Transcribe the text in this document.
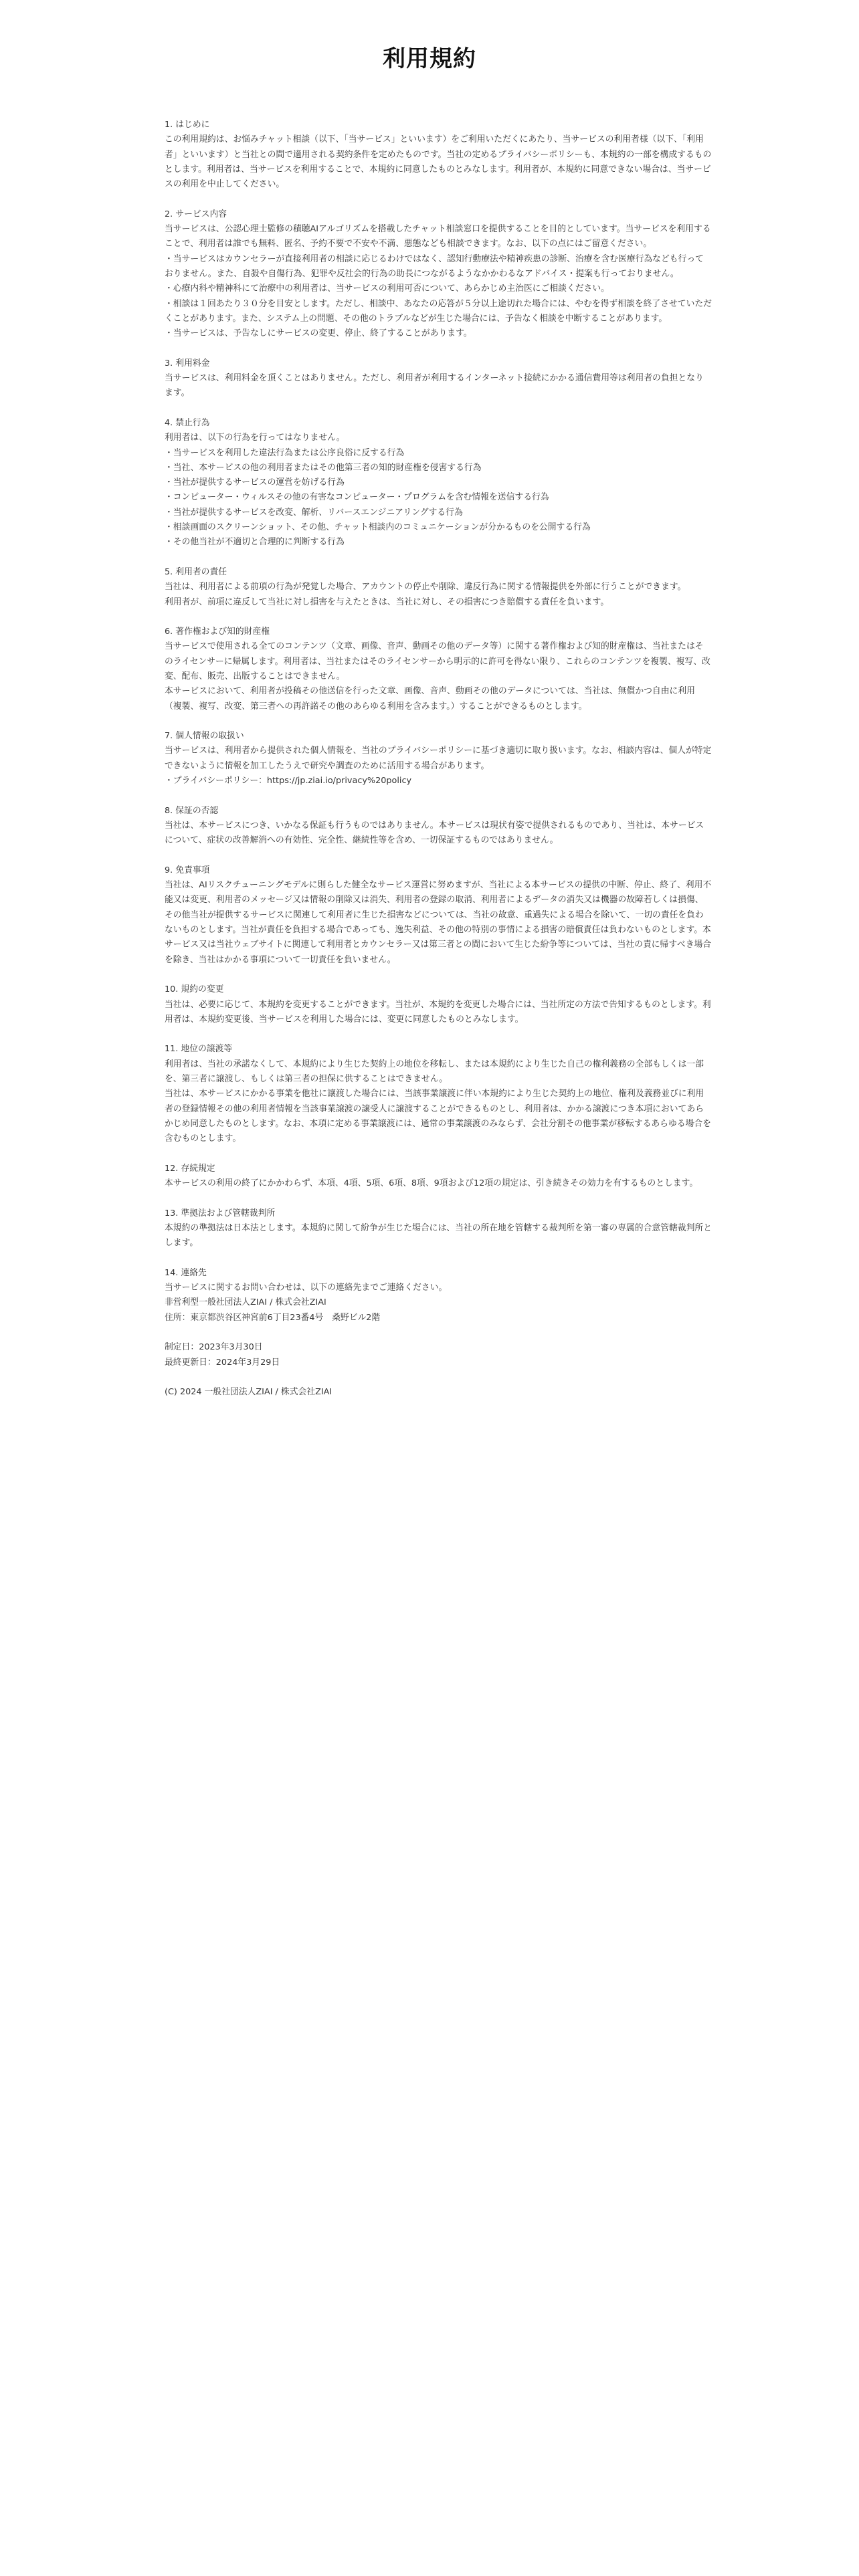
利用規約
1. はじめに

この利用規約は、お悩みチャット相談（以下、「当サービス」といいます）をご利用いただくにあたり、当サービスの利用者様（以下、「利用者」といいます）と当社との間で適用される契約条件を定めたものです。当社の定めるプライバシーポリシーも、本規約の一部を構成するものとします。利用者は、当サービスを利用することで、本規約に同意したものとみなします。利用者が、本規約に同意できない場合は、当サービスの利用を中止してください。

2. サービス内容

当サービスは、公認心理士監修の積聴AIアルゴリズムを搭載したチャット相談窓口を提供することを目的としています。当サービスを利用することで、利用者は誰でも無料、匿名、予約不要で不安や不満、悪態なども相談できます。なお、以下の点にはご留意ください。

・当サービスはカウンセラーが直接利用者の相談に応じるわけではなく、認知行動療法や精神疾患の診断、治療を含む医療行為なども行っておりません。また、自殺や自傷行為、犯罪や反社会的行為の助長につながるようなかかわるなアドバイス・提案も行っておりません。

・心療内科や精神科にて治療中の利用者は、当サービスの利用可否について、あらかじめ主治医にご相談ください。

・相談は１回あたり３０分を目安とします。ただし、相談中、あなたの応答が５分以上途切れた場合には、やむを得ず相談を終了させていただくことがあります。また、システム上の問題、その他のトラブルなどが生じた場合には、予告なく相談を中断することがあります。

・当サービスは、予告なしにサービスの変更、停止、終了することがあります。

3. 利用料金

当サービスは、利用料金を頂くことはありません。ただし、利用者が利用するインターネット接続にかかる通信費用等は利用者の負担となります。

4. 禁止行為

利用者は、以下の行為を行ってはなりません。

・当サービスを利用した違法行為または公序良俗に反する行為

・当社、本サービスの他の利用者またはその他第三者の知的財産権を侵害する行為

・当社が提供するサービスの運営を妨げる行為

・コンピューター・ウィルスその他の有害なコンピューター・プログラムを含む情報を送信する行為

・当社が提供するサービスを改変、解析、リバースエンジニアリングする行為

・相談画面のスクリーンショット、その他、チャット相談内のコミュニケーションが分かるものを公開する行為

・その他当社が不適切と合理的に判断する行為

5. 利用者の責任

当社は、利用者による前項の行為が発覚した場合、アカウントの停止や削除、違反行為に関する情報提供を外部に行うことができます。

利用者が、前項に違反して当社に対し損害を与えたときは、当社に対し、その損害につき賠償する責任を負います。

6. 著作権および知的財産権

当サービスで使用される全てのコンテンツ（文章、画像、音声、動画その他のデータ等）に関する著作権および知的財産権は、当社またはそのライセンサーに帰属します。利用者は、当社またはそのライセンサーから明示的に許可を得ない限り、これらのコンテンツを複製、複写、改変、配布、販売、出版することはできません。

本サービスにおいて、利用者が投稿その他送信を行った文章、画像、音声、動画その他のデータについては、当社は、無償かつ自由に利用（複製、複写、改変、第三者への再許諾その他のあらゆる利用を含みます。）することができるものとします。

7. 個人情報の取扱い

当サービスは、利用者から提供された個人情報を、当社のプライバシーポリシーに基づき適切に取り扱います。なお、相談内容は、個人が特定できないように情報を加工したうえで研究や調査のために活用する場合があります。

・プライバシーポリシー：https://jp.ziai.io/privacy%20policy

8. 保証の否認

当社は、本サービスにつき、いかなる保証も行うものではありません。本サービスは現状有姿で提供されるものであり、当社は、本サービスについて、症状の改善解消への有効性、完全性、継続性等を含め、一切保証するものではありません。

9. 免責事項

当社は、AIリスクチューニングモデルに則らした健全なサービス運営に努めますが、当社による本サービスの提供の中断、停止、終了、利用不能又は変更、利用者のメッセージ又は情報の削除又は消失、利用者の登録の取消、利用者によるデータの消失又は機器の故障若しくは損傷、その他当社が提供するサービスに関連して利用者に生じた損害などについては、当社の故意、重過失による場合を除いて、一切の責任を負わないものとします。当社が責任を負担する場合であっても、逸失利益、その他の特別の事情による損害の賠償責任は負わないものとします。本サービス又は当社ウェブサイトに関連して利用者とカウンセラー又は第三者との間において生じた紛争等については、当社の責に帰すべき場合を除き、当社はかかる事項について一切責任を負いません。

10. 規約の変更

当社は、必要に応じて、本規約を変更することができます。当社が、本規約を変更した場合には、当社所定の方法で告知するものとします。利用者は、本規約変更後、当サービスを利用した場合には、変更に同意したものとみなします。

11. 地位の譲渡等

利用者は、当社の承諾なくして、本規約により生じた契約上の地位を移転し、または本規約により生じた自己の権利義務の全部もしくは一部を、第三者に譲渡し、もしくは第三者の担保に供することはできません。

当社は、本サービスにかかる事業を他社に譲渡した場合には、当該事業譲渡に伴い本規約により生じた契約上の地位、権利及義務並びに利用者の登録情報その他の利用者情報を当該事業譲渡の譲受人に譲渡することができるものとし、利用者は、かかる譲渡につき本項においてあらかじめ同意したものとします。なお、本項に定める事業譲渡には、通常の事業譲渡のみならず、会社分割その他事業が移転するあらゆる場合を含むものとします。

12. 存続規定

本サービスの利用の終了にかかわらず、本項、4項、5項、6項、8項、9項および12項の規定は、引き続きその効力を有するものとします。

13. 準拠法および管轄裁判所

本規約の準拠法は日本法とします。本規約に関して紛争が生じた場合には、当社の所在地を管轄する裁判所を第一審の専属的合意管轄裁判所とします。

14. 連絡先

当サービスに関するお問い合わせは、以下の連絡先までご連絡ください。

非営利型一般社団法人ZIAI / 株式会社ZIAI

住所：東京都渋谷区神宮前6丁目23番4号　桑野ビル2階

制定日：2023年3月30日

最終更新日：2024年3月29日

(C) 2024 一般社団法人ZIAI / 株式会社ZIAI
